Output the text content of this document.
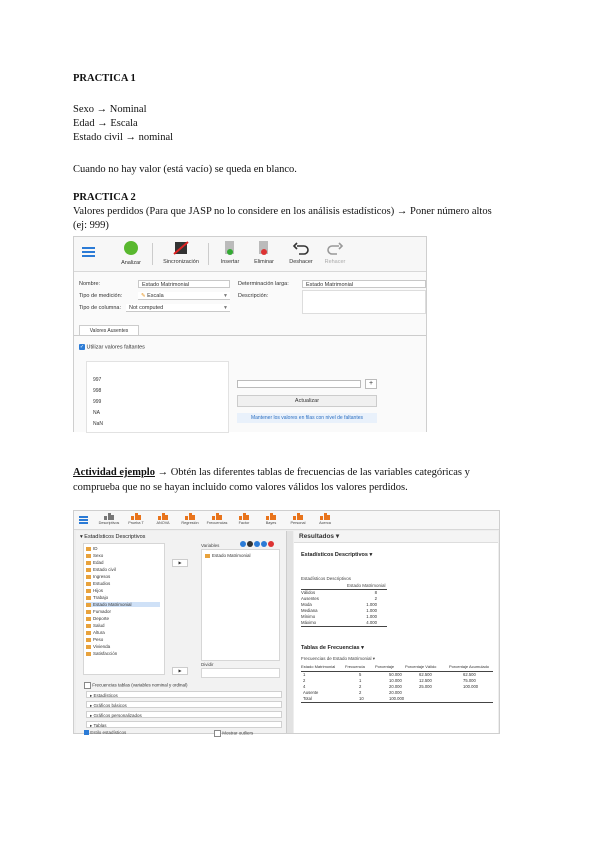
PRACTICA 1
Sexo → Nominal
Edad → Escala
Estado civil → nominal
Cuando no hay valor (está vacío) se queda en blanco.
PRACTICA 2
Valores perdidos (Para que JASP no lo considere en los análisis estadísticos) → Poner número altos
(ej: 999)
Actividad ejemplo → Obtén las diferentes tablas de frecuencias de las variables categóricas y
comprueba que no se hayan incluido como valores válidos los valores perdidos.
Analizar	Sincronización	Insertar	Eliminar	Deshacer	Rehacer
Nombre:	Estado Matrimonial	Determinación larga:	Estado Matrimonial
Tipo de medición:	✎ Escala	▼ Descripción:
Tipo de columna:	Not computed	▼
Valores Ausentes
✓ Utilizar valores faltantes
997
998
999
NA
NaN
+
Actualizar
Mantener los valores en filas con nivel de faltantes
Descriptivos	Prueba T	ANOVA	Regresión	Frecuencias	Factor	Bayes	Personal	Acerca
▾ Estadísticos Descriptivos
ID
Sexo
Edad
Estado civil
Ingresos
Estudios
Hijos
Trabajo
Estado Matrimonial
Fumador
Deporte
Salud
Altura
Peso
Vivienda
Satisfacción
▶
▶
Variables
Estado Matrimonial
Dividir
Frecuencias tablas (variables nominal y ordinal)
▸ Estadísticos
▸ Gráficos básicos
▸ Gráficos personalizados
▸ Tablas
Estilo estadísticos	Mostrar outliers
Resultados ▾
Estadísticos Descriptivos ▾
Estadísticos Descriptivos
Estado Matrimonial
Válidos	8
Ausentes	2
Moda	1.000
Mediana	1.000
Mínimo	1.000
Máximo	4.000
Tablas de Frecuencias ▾
Frecuencias de Estado Matrimonial ▾
Estado Matrimonial Frecuencia	Porcentaje	Porcentaje Válido	Porcentaje Acumulado
1	5	50.000	62.500	62.500
2	1	10.000	12.500	75.000
4	2	20.000	25.000	100.000
Ausente	2	20.000
Total	10	100.000
